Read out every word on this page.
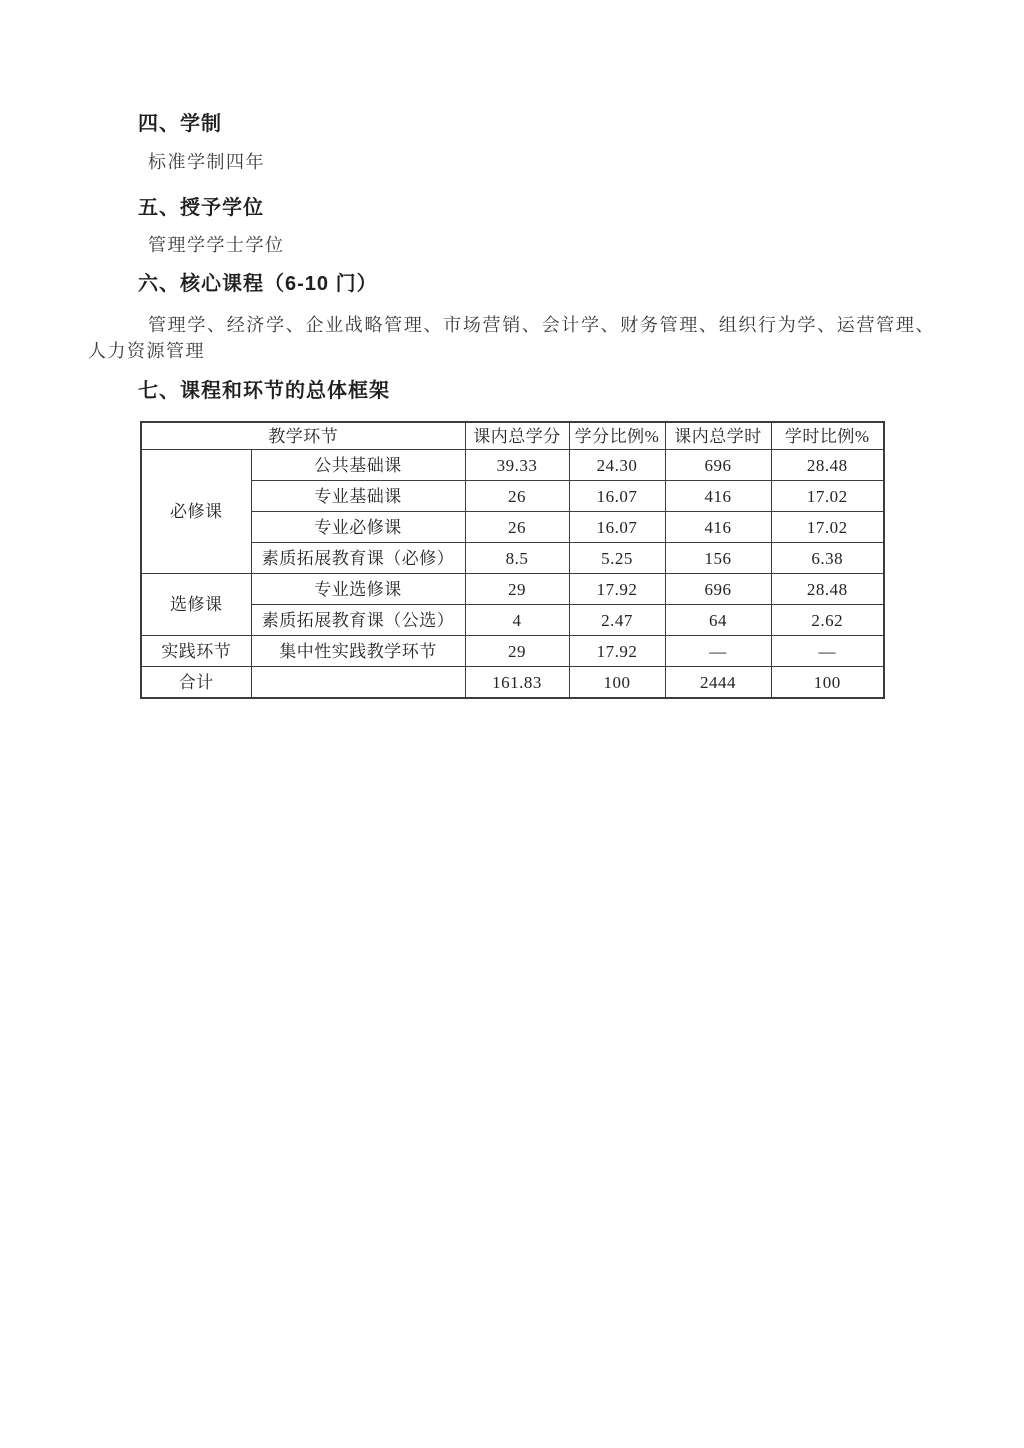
四、学制
标准学制四年
五、授予学位
管理学学士学位
六、核心课程（6-10 门）
管理学、经济学、企业战略管理、市场营销、会计学、财务管理、组织行为学、运营管理、人力资源管理
七、课程和环节的总体框架
教学环节		课内总学分	学分比例%	课内总学时	学时比例%
必修课	公共基础课	39.33	24.30	696	28.48
	专业基础课	26	16.07	416	17.02
	专业必修课	26	16.07	416	17.02
	素质拓展教育课（必修）	8.5	5.25	156	6.38
选修课	专业选修课	29	17.92	696	28.48
	素质拓展教育课（公选）	4	2.47	64	2.62
实践环节	集中性实践教学环节	29	17.92	—	—
合计		161.83	100	2444	100
